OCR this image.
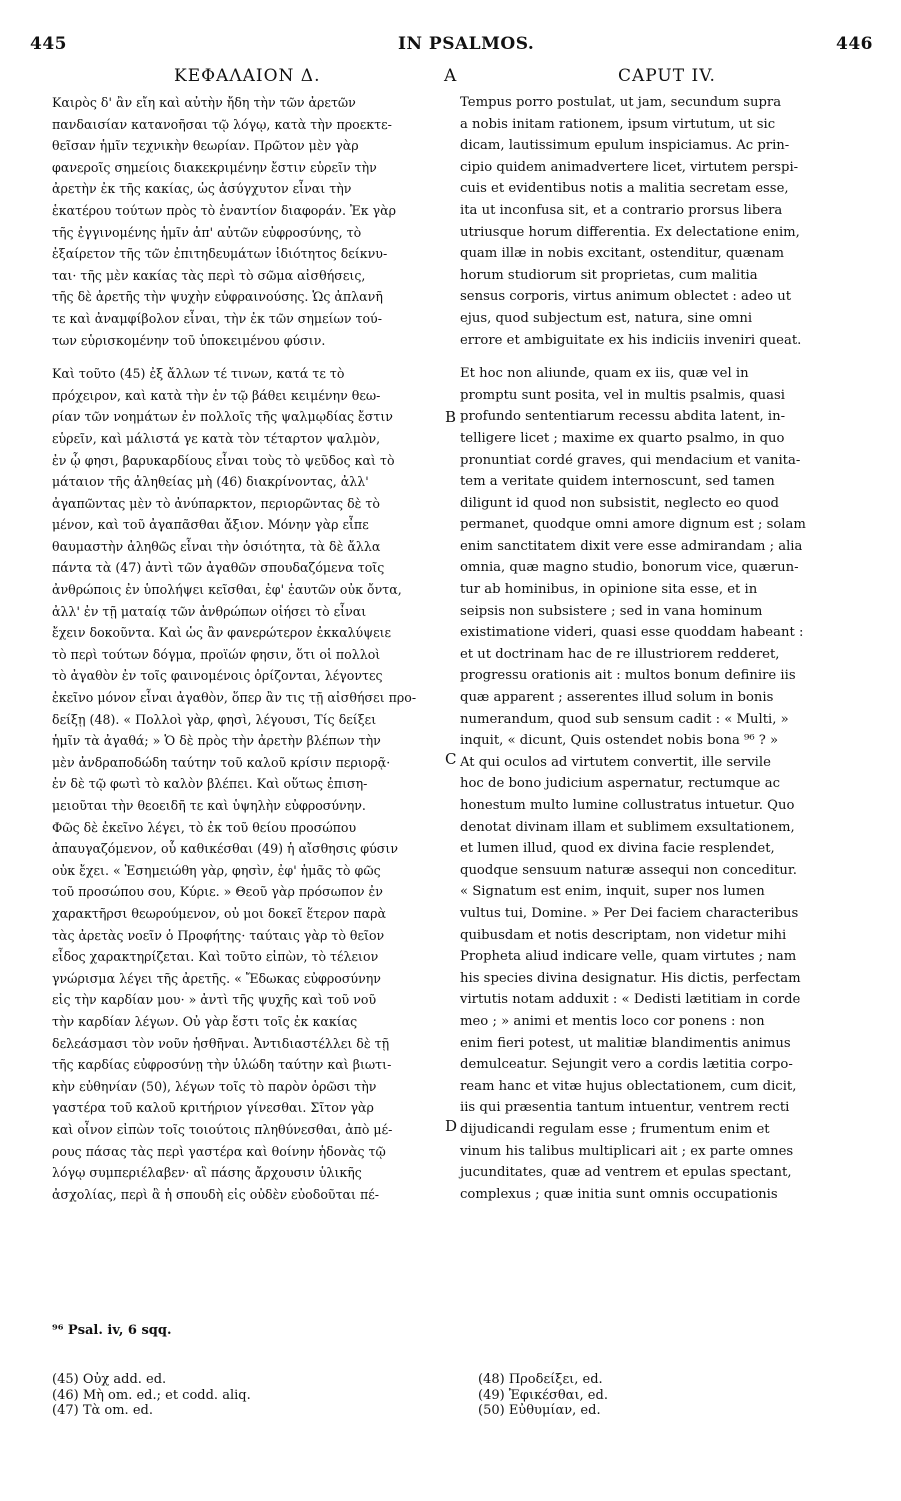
445	IN PSALMOS.	446
ΚΕΦΑΛΑΙΟΝ Δ.	A	CAPUT IV.

Καιρὸς δ' ἂν εἴη καὶ αὐτὴν ἤδη τὴν τῶν ἀρετῶν

πανδαισίαν κατανοῆσαι τῷ λόγῳ, κατὰ τὴν προεκτε-

θεῖσαν ἡμῖν τεχνικὴν θεωρίαν. Πρῶτον μὲν γὰρ

φανεροῖς σημείοις διακεκριμένην ἔστιν εὑρεῖν τὴν

ἀρετὴν ἐκ τῆς κακίας, ὡς ἀσύγχυτον εἶναι τὴν

ἑκατέρου τούτων πρὸς τὸ ἐναντίον διαφοράν. Ἐκ γὰρ

τῆς ἐγγινομένης ἡμῖν ἀπ' αὐτῶν εὐφροσύνης, τὸ

ἐξαίρετον τῆς τῶν ἐπιτηδευμάτων ἰδιότητος δείκνυ-

ται· τῆς μὲν κακίας τὰς περὶ τὸ σῶμα αἰσθήσεις,

τῆς δὲ ἀρετῆς τὴν ψυχὴν εὐφραινούσης. Ὡς ἀπλανῆ

τε καὶ ἀναμφίβολον εἶναι, τὴν ἐκ τῶν σημείων τού-

των εὑρισκομένην τοῦ ὑποκειμένου φύσιν.

Καὶ τοῦτο (45) ἐξ ἄλλων τέ τινων, κατά τε τὸ

πρόχειρον, καὶ κατὰ τὴν ἐν τῷ βάθει κειμένην θεω-

ρίαν τῶν νοημάτων ἐν πολλοῖς τῆς ψαλμῳδίας ἔστιν

εὑρεῖν, καὶ μάλιστά γε κατὰ τὸν τέταρτον ψαλμὸν,

ἐν ᾧ φησι, βαρυκαρδίους εἶναι τοὺς τὸ ψεῦδος καὶ τὸ

μάταιον τῆς ἀληθείας μὴ (46) διακρίνοντας, ἀλλ'

ἀγαπῶντας μὲν τὸ ἀνύπαρκτον, περιορῶντας δὲ τὸ

μένον, καὶ τοῦ ἀγαπᾶσθαι ἄξιον. Μόνην γὰρ εἶπε

θαυμαστὴν ἀληθῶς εἶναι τὴν ὁσιότητα, τὰ δὲ ἄλλα

πάντα τὰ (47) ἀντὶ τῶν ἀγαθῶν σπουδαζόμενα τοῖς

ἀνθρώποις ἐν ὑπολήψει κεῖσθαι, ἐφ' ἑαυτῶν οὐκ ὄντα,

ἀλλ' ἐν τῇ ματαίᾳ τῶν ἀνθρώπων οἰήσει τὸ εἶναι

ἔχειν δοκοῦντα. Καὶ ὡς ἂν φανερώτερον ἐκκαλύψειε

τὸ περὶ τούτων δόγμα, προϊών φησιν, ὅτι οἱ πολλοὶ

τὸ ἀγαθὸν ἐν τοῖς φαινομένοις ὁρίζονται, λέγοντες

ἐκεῖνο μόνον εἶναι ἀγαθὸν, ὅπερ ἂν τις τῇ αἰσθήσει προ-

δείξῃ (48). « Πολλοὶ γὰρ, φησὶ, λέγουσι, Τίς δείξει

ἡμῖν τὰ ἀγαθά; » Ὁ δὲ πρὸς τὴν ἀρετὴν βλέπων τὴν

μὲν ἀνδραποδώδη ταύτην τοῦ καλοῦ κρίσιν περιορᾷ·

ἐν δὲ τῷ φωτὶ τὸ καλὸν βλέπει. Καὶ οὕτως ἐπιση-

μειοῦται τὴν θεοειδῆ τε καὶ ὑψηλὴν εὐφροσύνην.

Φῶς δὲ ἐκεῖνο λέγει, τὸ ἐκ τοῦ θείου προσώπου

ἀπαυγαζόμενον, οὗ καθικέσθαι (49) ἡ αἴσθησις φύσιν

οὐκ ἔχει. « Ἐσημειώθη γὰρ, φησὶν, ἐφ' ἡμᾶς τὸ φῶς

τοῦ προσώπου σου, Κύριε. » Θεοῦ γὰρ πρόσωπον ἐν

χαρακτῆρσι θεωρούμενον, οὐ μοι δοκεῖ ἕτερον παρὰ

τὰς ἀρετὰς νοεῖν ὁ Προφήτης· ταύταις γὰρ τὸ θεῖον

εἶδος χαρακτηρίζεται. Καὶ τοῦτο εἰπὼν, τὸ τέλειον

γνώρισμα λέγει τῆς ἀρετῆς. « Ἔδωκας εὐφροσύνην

εἰς τὴν καρδίαν μου· » ἀντὶ τῆς ψυχῆς καὶ τοῦ νοῦ

τὴν καρδίαν λέγων. Οὐ γὰρ ἔστι τοῖς ἐκ κακίας

δελεάσμασι τὸν νοῦν ἡσθῆναι. Ἀντιδιαστέλλει δὲ τῇ

τῆς καρδίας εὐφροσύνῃ τὴν ὑλώδη ταύτην καὶ βιωτι-

κὴν εὐθηνίαν (50), λέγων τοῖς τὸ παρὸν ὁρῶσι τὴν

γαστέρα τοῦ καλοῦ κριτήριον γίνεσθαι. Σῖτον γὰρ

καὶ οἶνον εἰπὼν τοῖς τοιούτοις πληθύνεσθαι, ἀπὸ μέ-

ρους πάσας τὰς περὶ γαστέρα καὶ θοίνην ἡδονὰς τῷ

λόγῳ συμπεριέλαβεν· αἳ πάσης ἄρχουσιν ὑλικῆς

ἀσχολίας, περὶ ἃ ἡ σπουδὴ εἰς οὐδὲν εὐοδοῦται πέ-

Tempus porro postulat, ut jam, secundum supra

a nobis initam rationem, ipsum virtutum, ut sic

dicam, lautissimum epulum inspiciamus. Ac prin-

cipio quidem animadvertere licet, virtutem perspi-

cuis et evidentibus notis a malitia secretam esse,

ita ut inconfusa sit, et a contrario prorsus libera

utriusque horum differentia. Ex delectatione enim,

quam illæ in nobis excitant, ostenditur, quænam

horum studiorum sit proprietas, cum malitia

sensus corporis, virtus animum oblectet : adeo ut

ejus, quod subjectum est, natura, sine omni

errore et ambiguitate ex his indiciis inveniri queat.

Et hoc non aliunde, quam ex iis, quæ vel in

promptu sunt posita, vel in multis psalmis, quasi

profundo sententiarum recessu abdita latent, in-

telligere licet ; maxime ex quarto psalmo, in quo

pronuntiat cordé graves, qui mendacium et vanita-

tem a veritate quidem internoscunt, sed tamen

diligunt id quod non subsistit, neglecto eo quod

permanet, quodque omni amore dignum est ; solam

enim sanctitatem dixit vere esse admirandam ; alia

omnia, quæ magno studio, bonorum vice, quærun-

tur ab hominibus, in opinione sita esse, et in

seipsis non subsistere ; sed in vana hominum

existimatione videri, quasi esse quoddam habeant :

et ut doctrinam hac de re illustriorem redderet,

progressu orationis ait : multos bonum definire iis

quæ apparent ; asserentes illud solum in bonis

numerandum, quod sub sensum cadit : « Multi, »

inquit, « dicunt, Quis ostendet nobis bona ⁹⁶ ? »

At qui oculos ad virtutem convertit, ille servile

hoc de bono judicium aspernatur, rectumque ac

honestum multo lumine collustratus intuetur. Quo

denotat divinam illam et sublimem exsultationem,

et lumen illud, quod ex divina facie resplendet,

quodque sensuum naturæ assequi non conceditur.

« Signatum est enim, inquit, super nos lumen

vultus tui, Domine. » Per Dei faciem characteribus

quibusdam et notis descriptam, non videtur mihi

Propheta aliud indicare velle, quam virtutes ; nam

his species divina designatur. His dictis, perfectam

virtutis notam adduxit : « Dedisti lætitiam in corde

meo ; » animi et mentis loco cor ponens : non

enim fieri potest, ut malitiæ blandimentis animus

demulceatur. Sejungit vero a cordis lætitia corpo-

ream hanc et vitæ hujus oblectationem, cum dicit,

iis qui præsentia tantum intuentur, ventrem recti

dijudicandi regulam esse ; frumentum enim et

vinum his talibus multiplicari ait ; ex parte omnes

jucunditates, quæ ad ventrem et epulas spectant,

complexus ; quæ initia sunt omnis occupationis

B
C
D
⁹⁶ Psal. iv, 6 sqq.
(45) Οὐχ add. ed.
(46) Μὴ om. ed.; et codd. aliq.
(47) Τὰ om. ed.
(48) Προδείξει, ed.
(49) Ἐφικέσθαι, ed.
(50) Εὐθυμίαν, ed.
